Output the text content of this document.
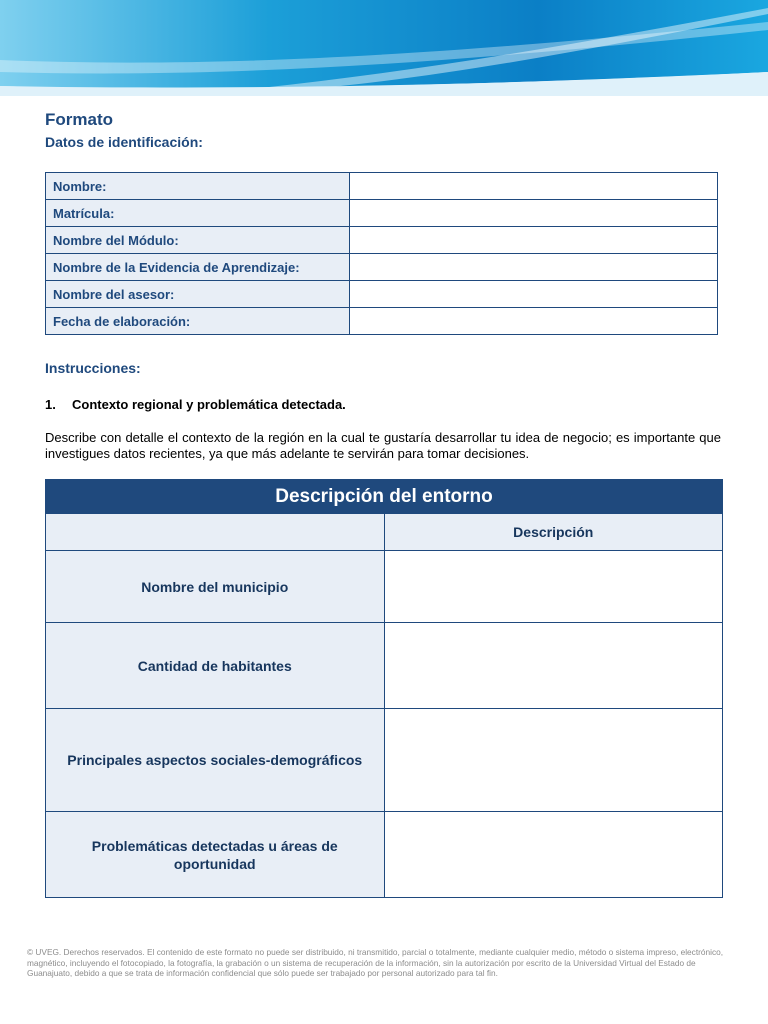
Formato
Datos de identificación:
Nombre:	
Matrícula:	
Nombre del Módulo:	
Nombre de la Evidencia de Aprendizaje:	
Nombre del asesor:	
Fecha de elaboración:	
Instrucciones:
1. Contexto regional y problemática detectada.
Describe con detalle el contexto de la región en la cual te gustaría desarrollar tu idea de negocio; es importante que investigues datos recientes, ya que más adelante te servirán para tomar decisiones.
Descripción del entorno	
	Descripción
Nombre del municipio	
Cantidad de habitantes	
Principales aspectos sociales-demográficos	
Problemáticas detectadas u áreas de oportunidad	
© UVEG. Derechos reservados. El contenido de este formato no puede ser distribuido, ni transmitido, parcial o totalmente, mediante cualquier medio, método o sistema impreso, electrónico, magnético, incluyendo el fotocopiado, la fotografía, la grabación o un sistema de recuperación de la información, sin la autorización por escrito de la Universidad Virtual del Estado de Guanajuato, debido a que se trata de información confidencial que sólo puede ser trabajado por personal autorizado para tal fin.
